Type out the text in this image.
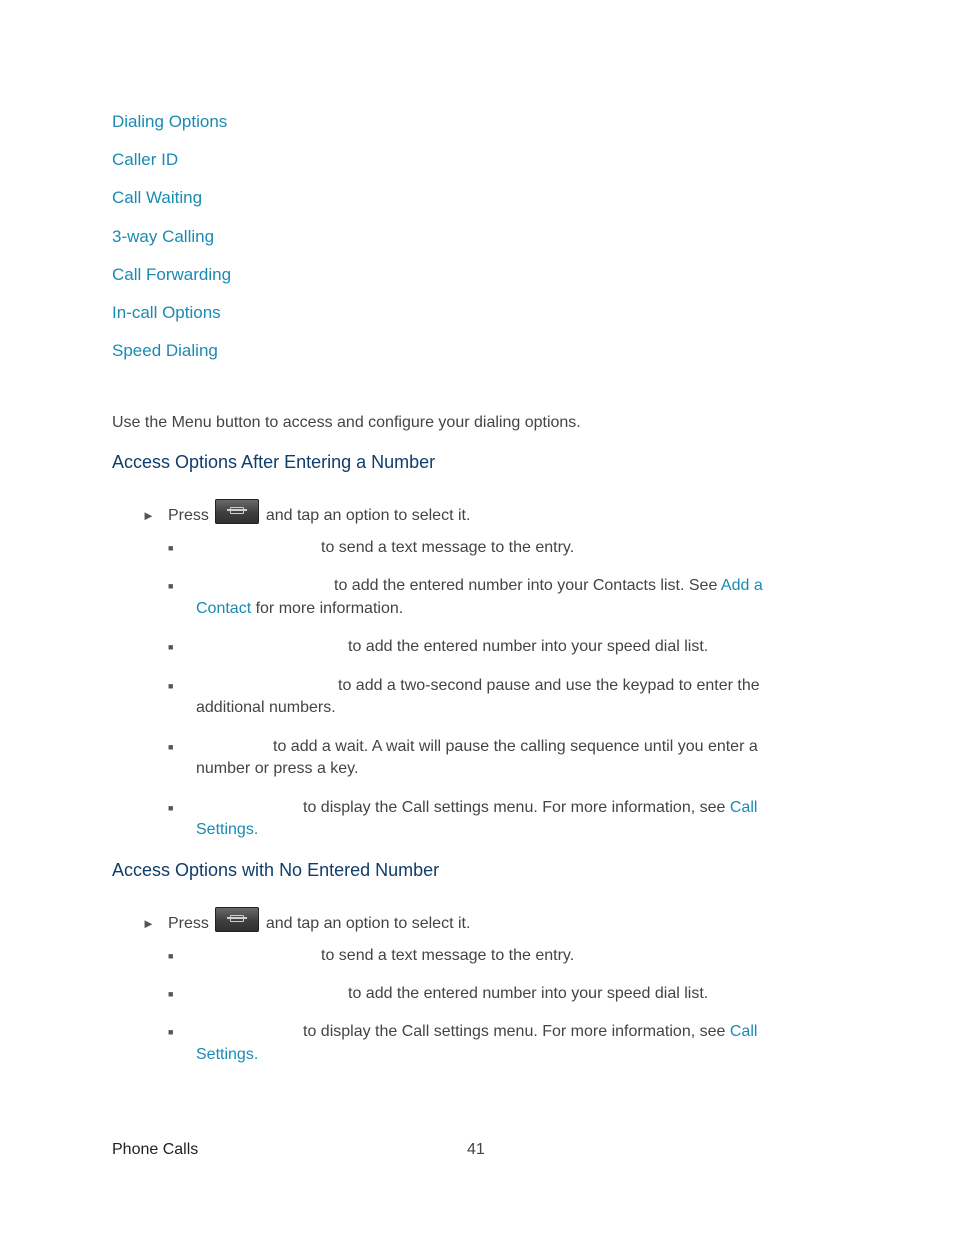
Dialing Options
Caller ID
Call Waiting
3-way Calling
Call Forwarding
In-call Options
Speed Dialing
Use the Menu button to access and configure your dialing options.
Access Options After Entering a Number
► Press	and tap an option to select it.
■	to send a text message to the entry.
■	to add the entered number into your Contacts list. See Add a
Contact for more information.
■	to add the entered number into your speed dial list.
■	to add a two-second pause and use the keypad to enter the
additional numbers.
■	to add a wait. A wait will pause the calling sequence until you enter a
number or press a key.
■	to display the Call settings menu. For more information, see Call
Settings.
Access Options with No Entered Number
► Press	and tap an option to select it.
■	to send a text message to the entry.
■	to add the entered number into your speed dial list.
■	to display the Call settings menu. For more information, see Call
Settings.
Phone Calls	41
